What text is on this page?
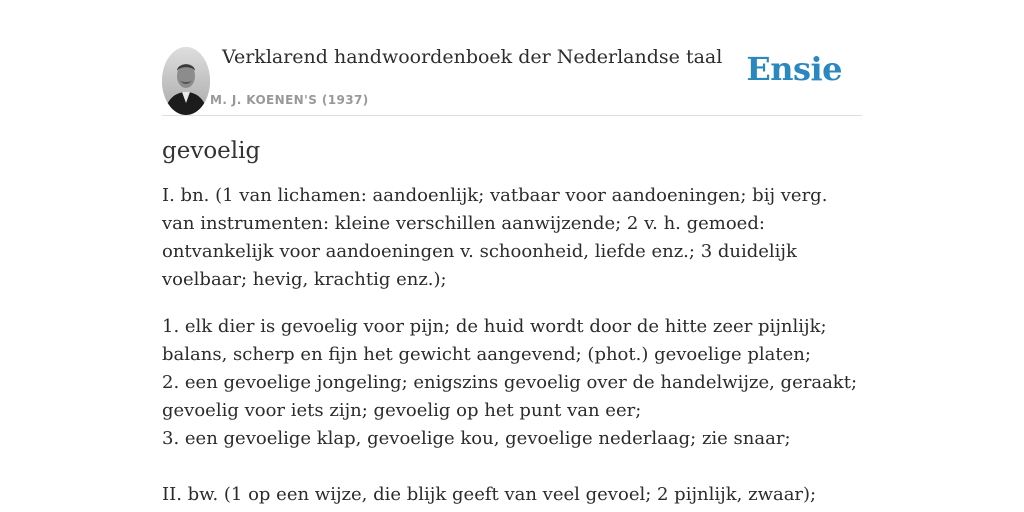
Verklarend handwoordenboek der Nederlandse taal
M. J. KOENEN'S (1937)
Ensie
gevoelig

I. bn. (1 van lichamen: aandoenlijk; vatbaar voor aandoeningen; bij verg. van instrumenten: kleine verschillen aanwijzende; 2 v. h. gemoed: ontvankelijk voor aandoeningen v. schoonheid, liefde enz.; 3 duidelijk voelbaar; hevig, krachtig enz.);

1. elk dier is gevoelig voor pijn; de huid wordt door de hitte zeer pijnlijk; balans, scherp en fijn het gewicht aangevend; (phot.) gevoelige platen;
2. een gevoelige jongeling; enigszins gevoelig over de handelwijze, geraakt; gevoelig voor iets zijn; gevoelig op het punt van eer;
3. een gevoelige klap, gevoelige kou, gevoelige nederlaag; zie snaar;

II. bw. (1 op een wijze, die blijk geeft van veel gevoel; 2 pijnlijk, zwaar);
